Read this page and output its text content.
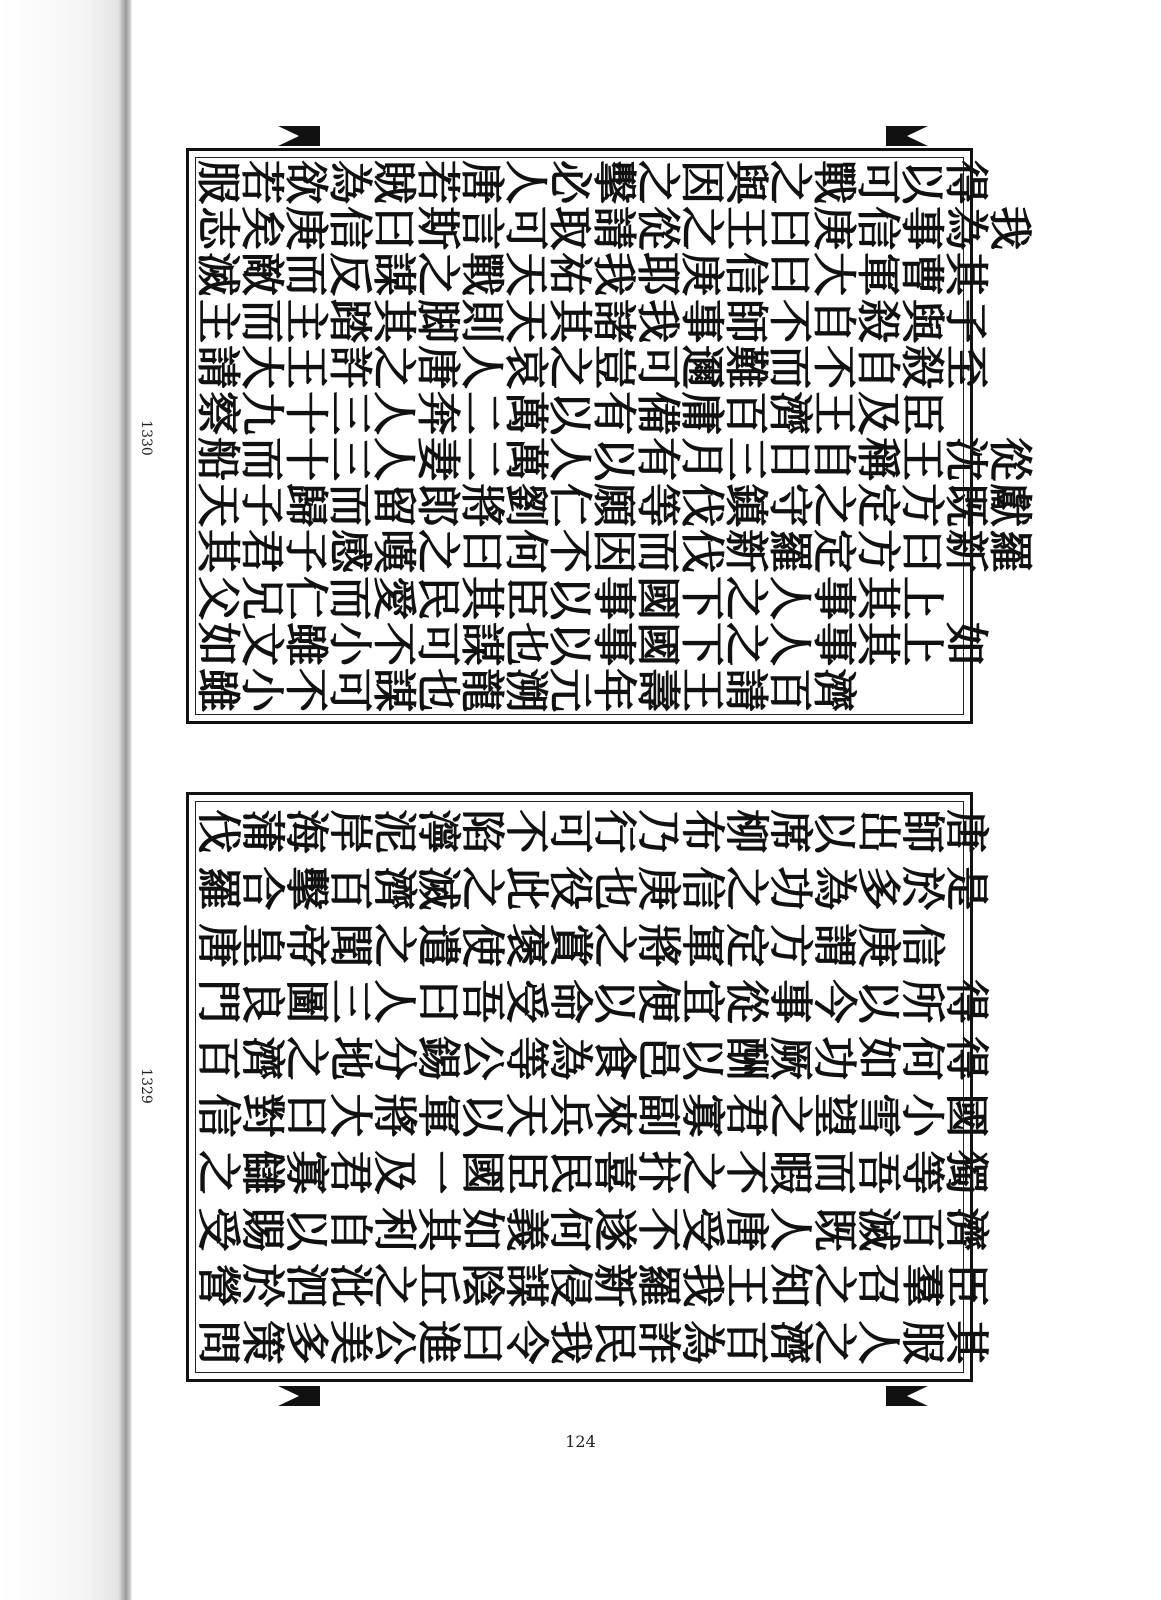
服
若
欲
為
賊
若
唐
人
必
擊
之
因
與
之
戰
可
以
得
志
矣
庚
信
曰
斯
言
可
取
請
從
之
王
曰
庚
信
事
為
我
滅
敵
而
反
謀
之
戰
天
祐
我
耶
庚
信
曰
大
軍
曹
其
主
而
主
踏
其
脚
則
天
其
諸
我
事
師
不
自
殺
與
子
請
大
王
許
之
唐
人
哀
之
豈
可
邇
難
而
不
自
殺
至
察
九
十
三
人
奔
二
萬
以
有
備
庸
百
濟
王
及
臣
船
而
十
三
人
妻
二
萬
人
以
有
月
三
日
自
稱
王
沈
從
天
子
歸
而
留
郎
將
劉
仁
願
等
伐
鎮
守
之
定
方
既
獻
其
君
子
感
嘆
之
曰
何
不
因
而
伐
新
羅
定
方
曰
新
羅
父
兄
仁
而
愛
民
其
臣
以
事
國
下
之
人
事
其
上
如
文
雖
小
不
可
謀
也
以
事
國
下
之
人
事
其
上
如
雖
小
不
可
謀
也
龍
溯
元
年
壽
王
請
百
濟
1330
伐
蒲
海
岸
泥
濘
陷
不
可
行
乃
布
柳
席
以
出
師
唐
羅
合
擊
百
濟
滅
之
此
役
也
庚
信
之
功
為
多
於
是
唐
皇
帝
聞
之
遣
使
褒
賞
之
將
軍
定
方
謂
庚
信
門
良
圖
三
人
曰
吾
受
命
以
便
宜
從
事
今
以
所
得
百
濟
之
地
分
錫
公
等
為
食
邑
以
酬
厥
功
如
何
得
信
對
曰
大
將
軍
以
天
兵
來
副
寡
君
之
望
雪
小
國
之
讎
寡
君
及
一
國
臣
民
喜
抃
之
不
暇
而
吾
等
獨
受
賜
以
自
利
其
如
義
何
遂
不
受
唐
人
既
滅
百
濟
營
於
泗
沘
之
丘
陰
謀
侵
新
羅
我
王
知
之
召
羣
臣
問
策
多
美
公
進
曰
令
我
民
詐
為
百
濟
之
人
服
其
1329
124
